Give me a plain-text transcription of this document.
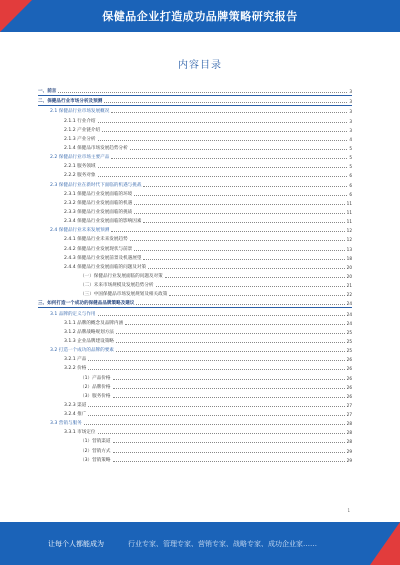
保健品企业打造成功品牌策略研究报告
内容目录
一、前言	3
二、保健品行业市场分析及预测	3
2.1 保健品行业市场发展概况	3
2.1.1 行业介绍	3
2.1.2 产业链介绍	3
2.1.3 产业分析	4
2.1.4 保健品市场发展趋势分析	5
2.2 保健品行业市场主要产品	5
2.2.1 服务领域	5
2.2.2 服务对象	6
2.3 保健品行业在新时代下面临的机遇与挑战	6
2.3.1 保健品行业发展面临的环境	6
2.3.2 保健品行业发展面临的机遇	11
2.3.3 保健品行业发展面临的挑战	11
2.3.4 保健品行业发展面临的影响因素	11
2.4 保健品行业未来发展预测	12
2.4.1 保健品行业未来发展趋势	12
2.4.2 保健品行业发展现状与前景	13
2.4.3 保健品行业发展前景及机遇展望	18
2.4.4 保健品行业发展面临的问题及对策	20
（一）保健品行业发展面临的问题及对策	20
（二）未来市场规模及发展趋势分析	21
（三）中国保健品市场发展规划及相关政策	22
三、如何打造一个成功的保健品品牌策略及建议	24
3.1 品牌的定义与作用	24
3.1.1 品牌的概念及品牌内涵	24
3.1.2 品牌战略规划方法	25
3.1.3 企业品牌建设策略	25
3.2 打造一个成功的品牌的要素	25
3.2.1 产品	26
3.2.2 价格	26
（1）产品价格	26
（2）品牌价格	26
（3）服务价格	26
3.2.3 渠道	27
3.2.4 推广	27
3.3 营销与服务	28
3.3.1 市场定位	28
（1）营销渠道	28
（2）营销方式	29
（3）营销策略	29
1
让每个人都能成为	行业专家、管理专家、营销专家、战略专家、成功企业家……
